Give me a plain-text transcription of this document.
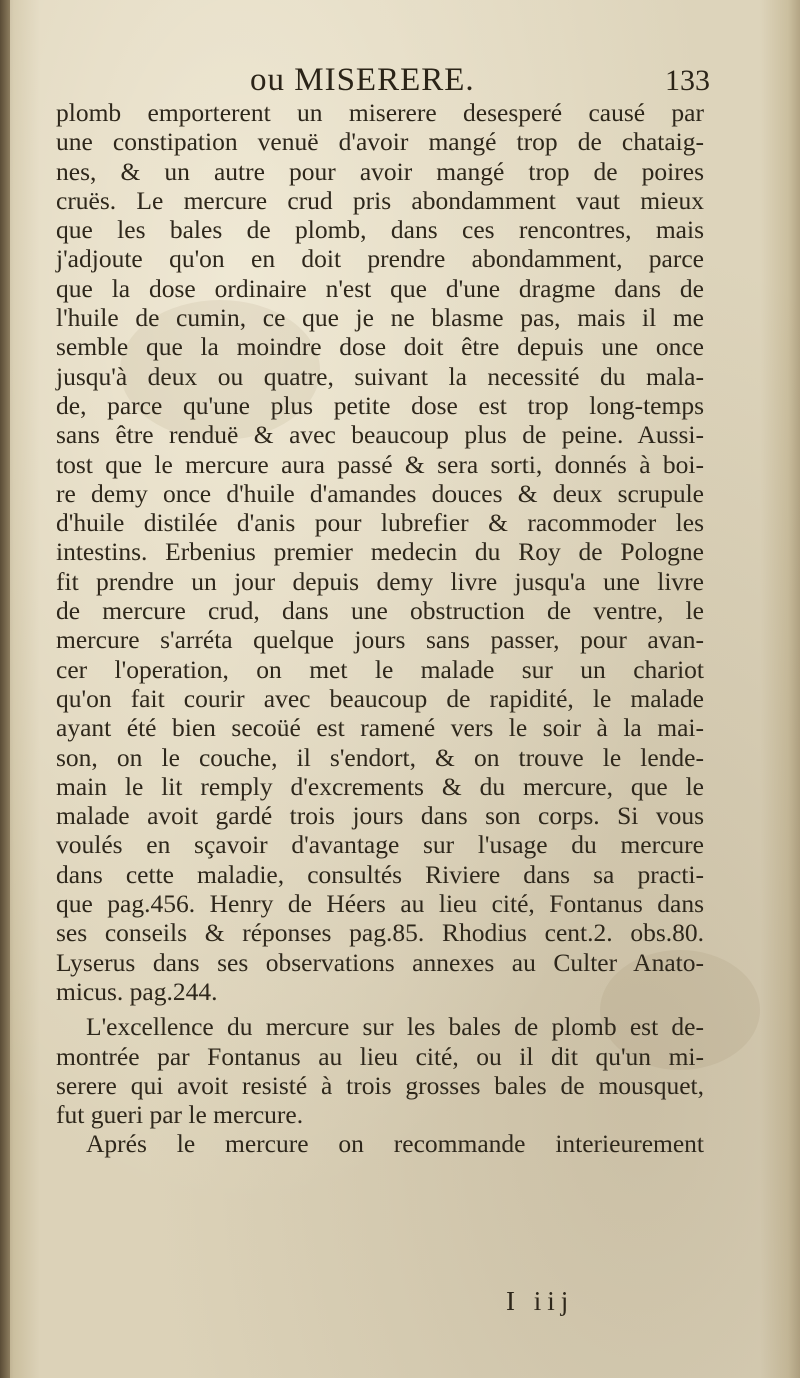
ou MISERERE.	133
plomb emporterent un miserere desesperé causé par
une constipation venuë d'avoir mangé trop de chataig-
nes, & un autre pour avoir mangé trop de poires
cruës. Le mercure crud pris abondamment vaut mieux
que les bales de plomb, dans ces rencontres, mais
j'adjoute qu'on en doit prendre abondamment, parce
que la dose ordinaire n'est que d'une dragme dans de
l'huile de cumin, ce que je ne blasme pas, mais il me
semble que la moindre dose doit être depuis une once
jusqu'à deux ou quatre, suivant la necessité du mala-
de, parce qu'une plus petite dose est trop long-temps
sans être renduë & avec beaucoup plus de peine. Aussi-
tost que le mercure aura passé & sera sorti, donnés à boi-
re demy once d'huile d'amandes douces & deux scrupule
d'huile distilée d'anis pour lubrefier & racommoder les
intestins. Erbenius premier medecin du Roy de Pologne
fit prendre un jour depuis demy livre jusqu'a une livre
de mercure crud, dans une obstruction de ventre, le
mercure s'arréta quelque jours sans passer, pour avan-
cer l'operation, on met le malade sur un chariot
qu'on fait courir avec beaucoup de rapidité, le malade
ayant été bien secoüé est ramené vers le soir à la mai-
son, on le couche, il s'endort, & on trouve le lende-
main le lit remply d'excrements & du mercure, que le
malade avoit gardé trois jours dans son corps. Si vous
voulés en sçavoir d'avantage sur l'usage du mercure
dans cette maladie, consultés Riviere dans sa practi-
que pag.456. Henry de Héers au lieu cité, Fontanus dans
ses conseils & réponses pag.85. Rhodius cent.2. obs.80.
Lyserus dans ses observations annexes au Culter Anato-
micus. pag.244.
L'excellence du mercure sur les bales de plomb est de-
montrée par Fontanus au lieu cité, ou il dit qu'un mi-
serere qui avoit resisté à trois grosses bales de mousquet,
fut gueri par le mercure.
Aprés le mercure on recommande interieurement
I iij
